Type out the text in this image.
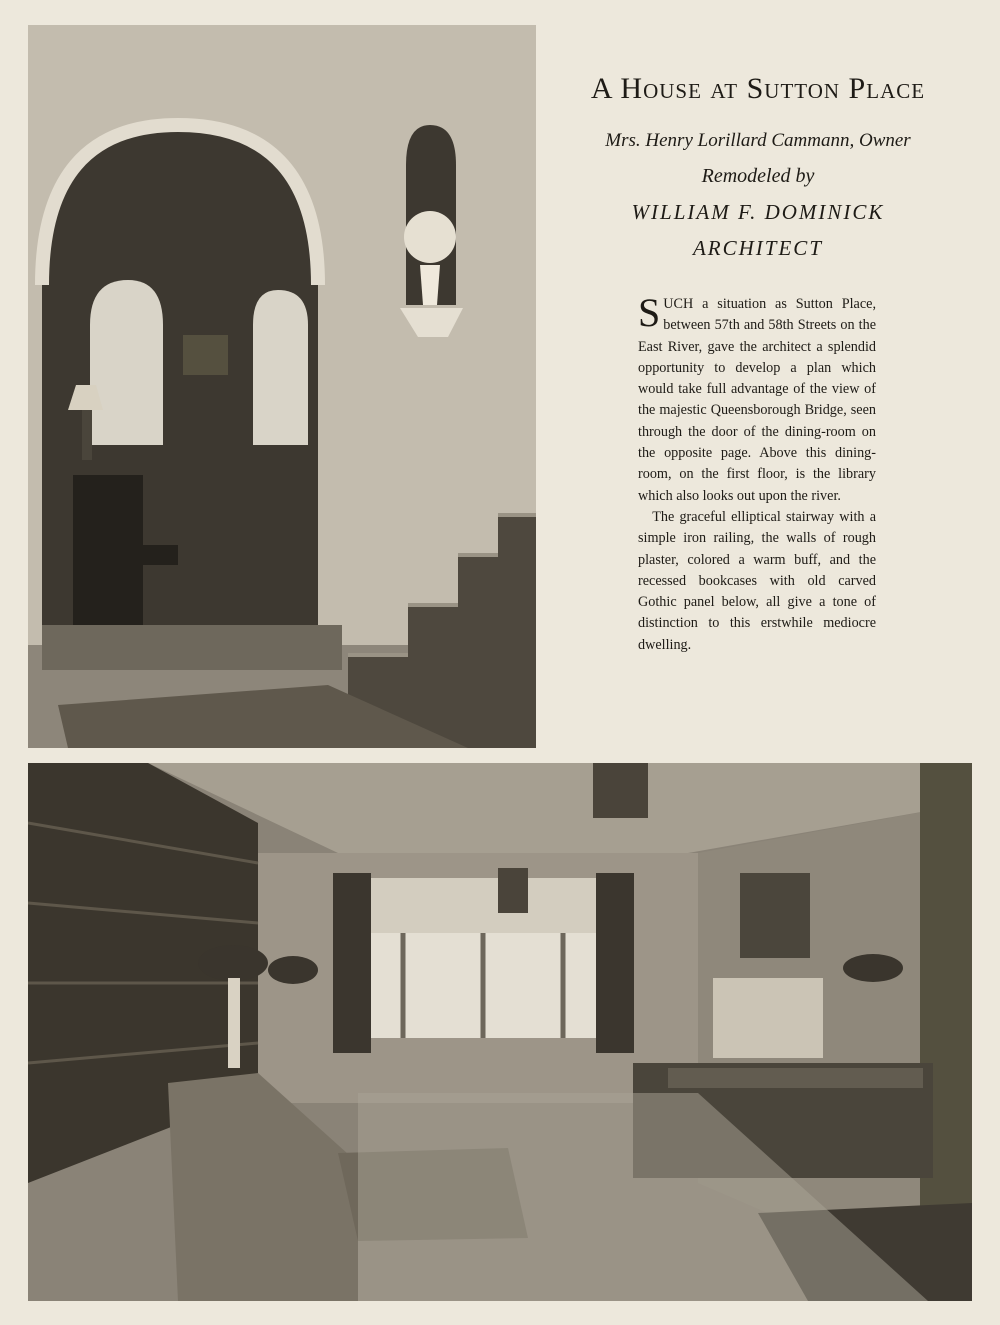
A House at Sutton Place
Mrs. Henry Lorillard Cammann, Owner
Remodeled by
WILLIAM F. DOMINICK
ARCHITECT

SUCH a situation as Sutton Place, between 57th and 58th Streets on the East River, gave the architect a splendid opportunity to develop a plan which would take full advantage of the view of the majestic Queensborough Bridge, seen through the door of the dining-room on the opposite page. Above this dining-room, on the first floor, is the library which also looks out upon the river.

The graceful elliptical stairway with a simple iron railing, the walls of rough plaster, colored a warm buff, and the recessed bookcases with old carved Gothic panel below, all give a tone of distinction to this erstwhile mediocre dwelling.
